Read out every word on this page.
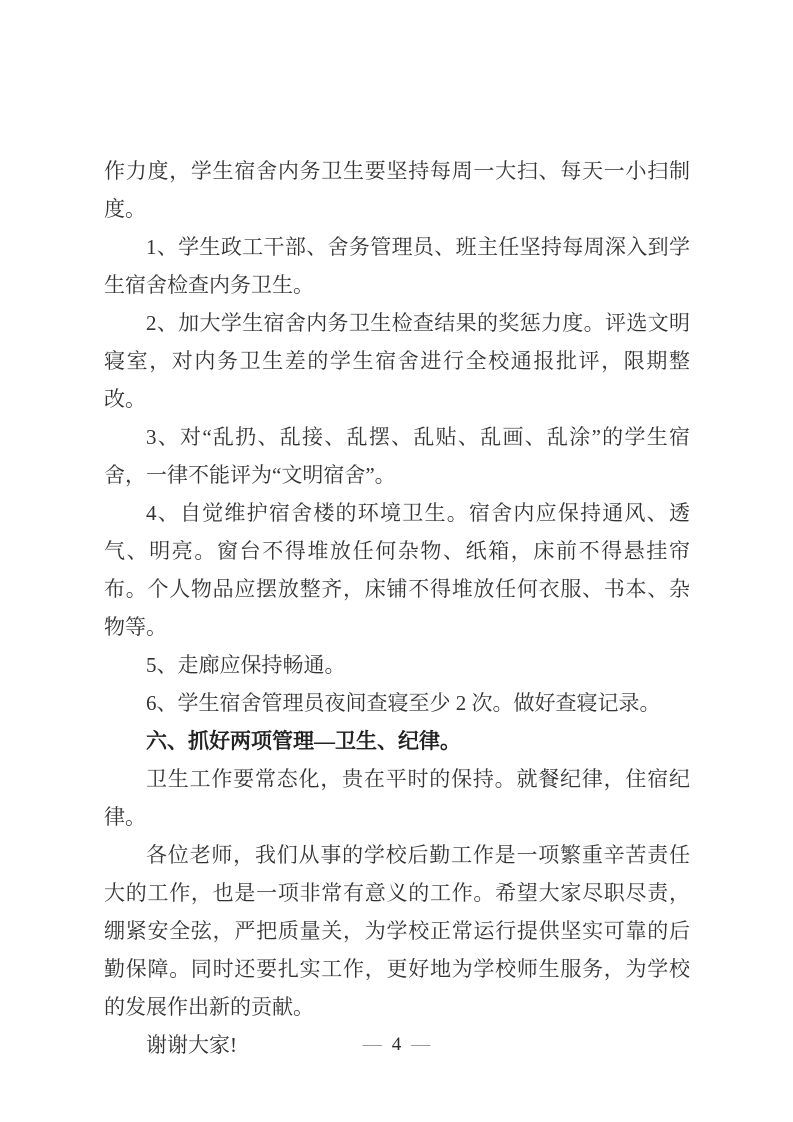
作力度，学生宿舍内务卫生要坚持每周一大扫、每天一小扫制度。

1、学生政工干部、舍务管理员、班主任坚持每周深入到学生宿舍检查内务卫生。

2、加大学生宿舍内务卫生检查结果的奖惩力度。评选文明寝室，对内务卫生差的学生宿舍进行全校通报批评，限期整改。

3、对“乱扔、乱接、乱摆、乱贴、乱画、乱涂”的学生宿舍，一律不能评为“文明宿舍”。

4、自觉维护宿舍楼的环境卫生。宿舍内应保持通风、透气、明亮。窗台不得堆放任何杂物、纸箱，床前不得悬挂帘布。个人物品应摆放整齐，床铺不得堆放任何衣服、书本、杂物等。

5、走廊应保持畅通。

6、学生宿舍管理员夜间查寝至少 2 次。做好查寝记录。

六、抓好两项管理—卫生、纪律。

卫生工作要常态化，贵在平时的保持。就餐纪律，住宿纪律。

各位老师，我们从事的学校后勤工作是一项繁重辛苦责任大的工作，也是一项非常有意义的工作。希望大家尽职尽责，绷紧安全弦，严把质量关，为学校正常运行提供坚实可靠的后勤保障。同时还要扎实工作，更好地为学校师生服务，为学校的发展作出新的贡献。

谢谢大家!	— 4 —
